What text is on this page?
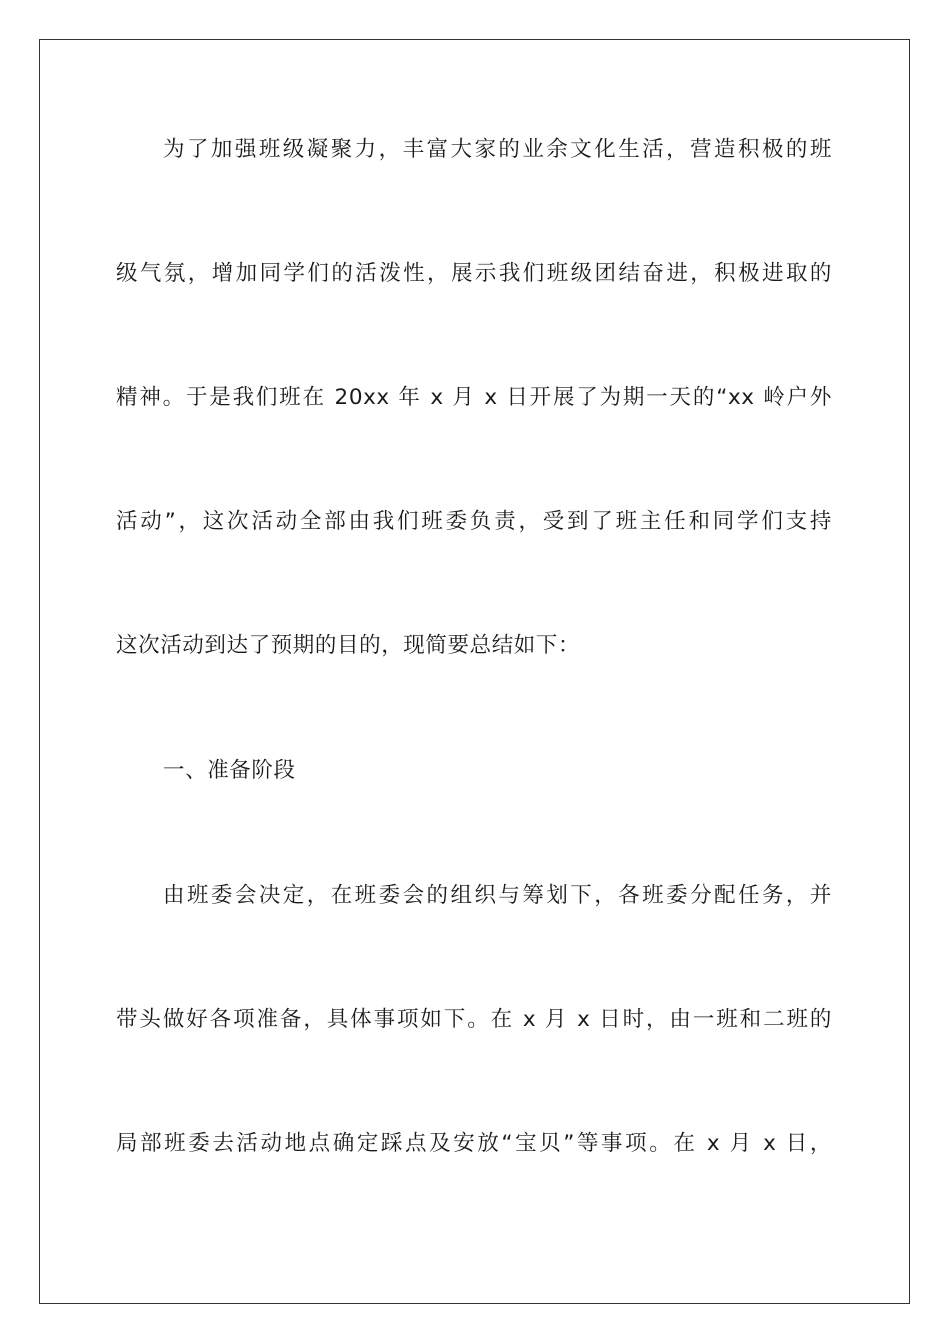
为了加强班级凝聚力，丰富大家的业余文化生活，营造积极的班
级气氛，增加同学们的活泼性，展示我们班级团结奋进，积极进取的
精神。于是我们班在 20xx 年 x 月 x 日开展了为期一天的“xx 岭户外
活动”，这次活动全部由我们班委负责，受到了班主任和同学们支持
这次活动到达了预期的目的，现简要总结如下：
一、准备阶段
由班委会决定，在班委会的组织与筹划下，各班委分配任务，并
带头做好各项准备，具体事项如下。在 x 月 x 日时，由一班和二班的
局部班委去活动地点确定踩点及安放“宝贝”等事项。在 x 月 x 日，
